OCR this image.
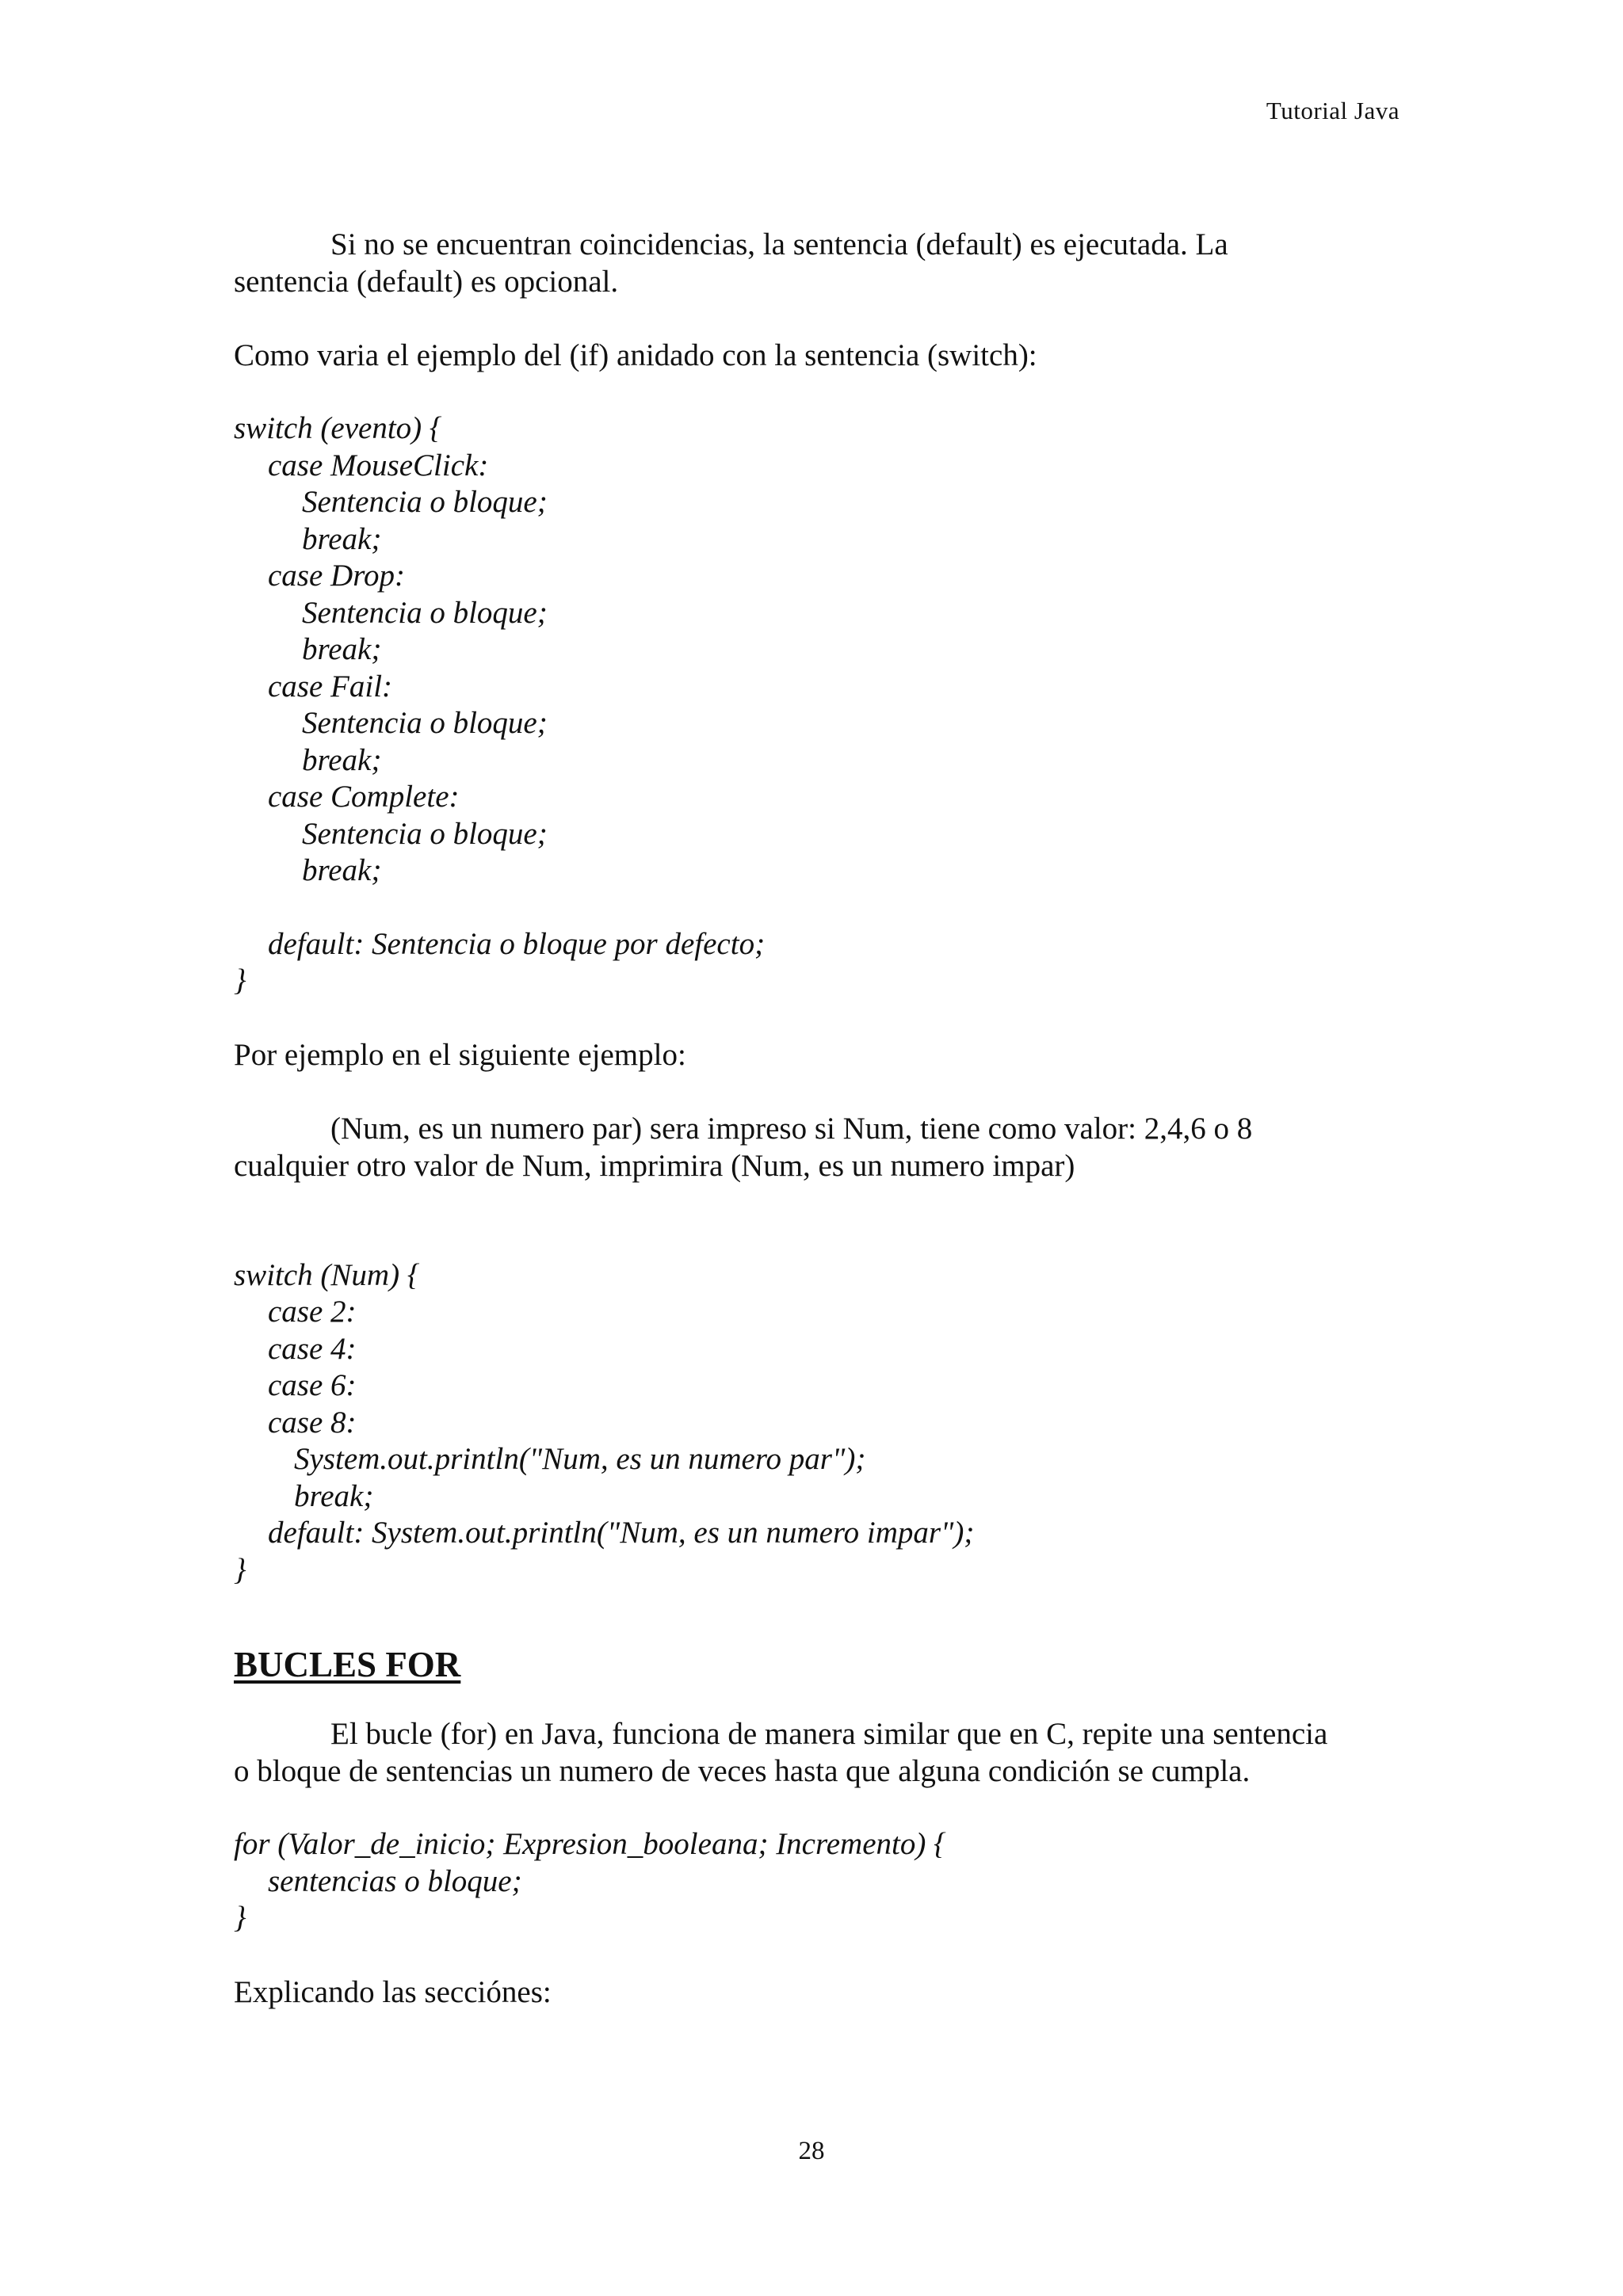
Tutorial Java

Si no se encuentran coincidencias, la sentencia (default) es ejecutada. La

sentencia (default) es opcional.

Como varia el ejemplo del (if) anidado con la sentencia (switch):

switch (evento) {

case MouseClick:

Sentencia o bloque;

break;

case Drop:

Sentencia o bloque;

break;

case Fail:

Sentencia o bloque;

break;

case Complete:

Sentencia o bloque;

break;

default: Sentencia o bloque por defecto;

}

Por ejemplo en el siguiente ejemplo:

(Num, es un numero par) sera impreso si Num, tiene como valor: 2,4,6 o 8

cualquier otro valor de Num, imprimira (Num, es un numero impar)

switch (Num) {

case 2:

case 4:

case 6:

case 8:

System.out.println("Num, es un numero par");

break;

default: System.out.println("Num, es un numero impar");

}

BUCLES FOR

El bucle (for) en Java, funciona de manera similar que en C, repite una sentencia

o bloque de sentencias un numero de veces hasta que alguna condición se cumpla.

for (Valor_de_inicio; Expresion_booleana; Incremento) {

sentencias o bloque;

}

Explicando las secciónes:

28
